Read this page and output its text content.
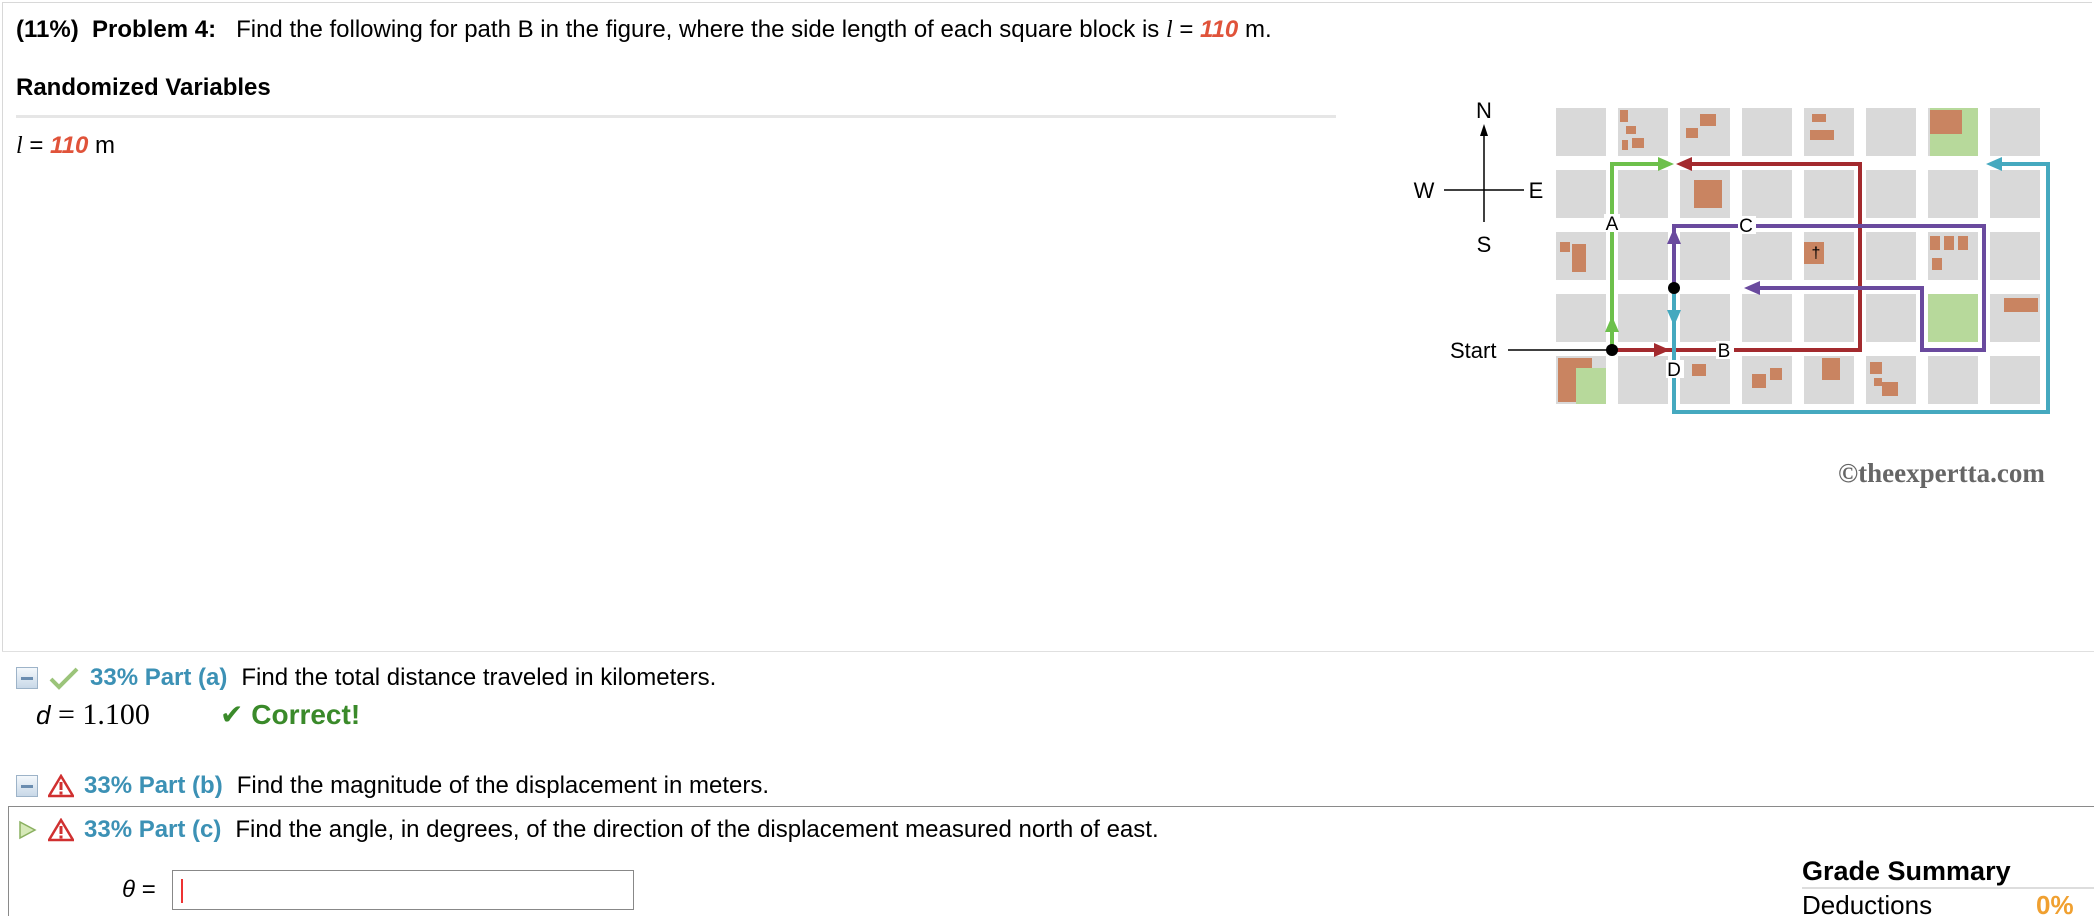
(11%) Problem 4: Find the following for path B in the figure, where the side length of each square block is l = 110 m.
Randomized Variables
l = 110 m
†
N
S
E
W
Start
A	C
B
D
©theexpertta.com
33% Part (a) Find the total distance traveled in kilometers.
d = 1.100	✔ Correct!
33% Part (b) Find the magnitude of the displacement in meters.
33% Part (c) Find the angle, in degrees, of the direction of the displacement measured north of east.
θ =
Grade Summary
Deductions	0%
